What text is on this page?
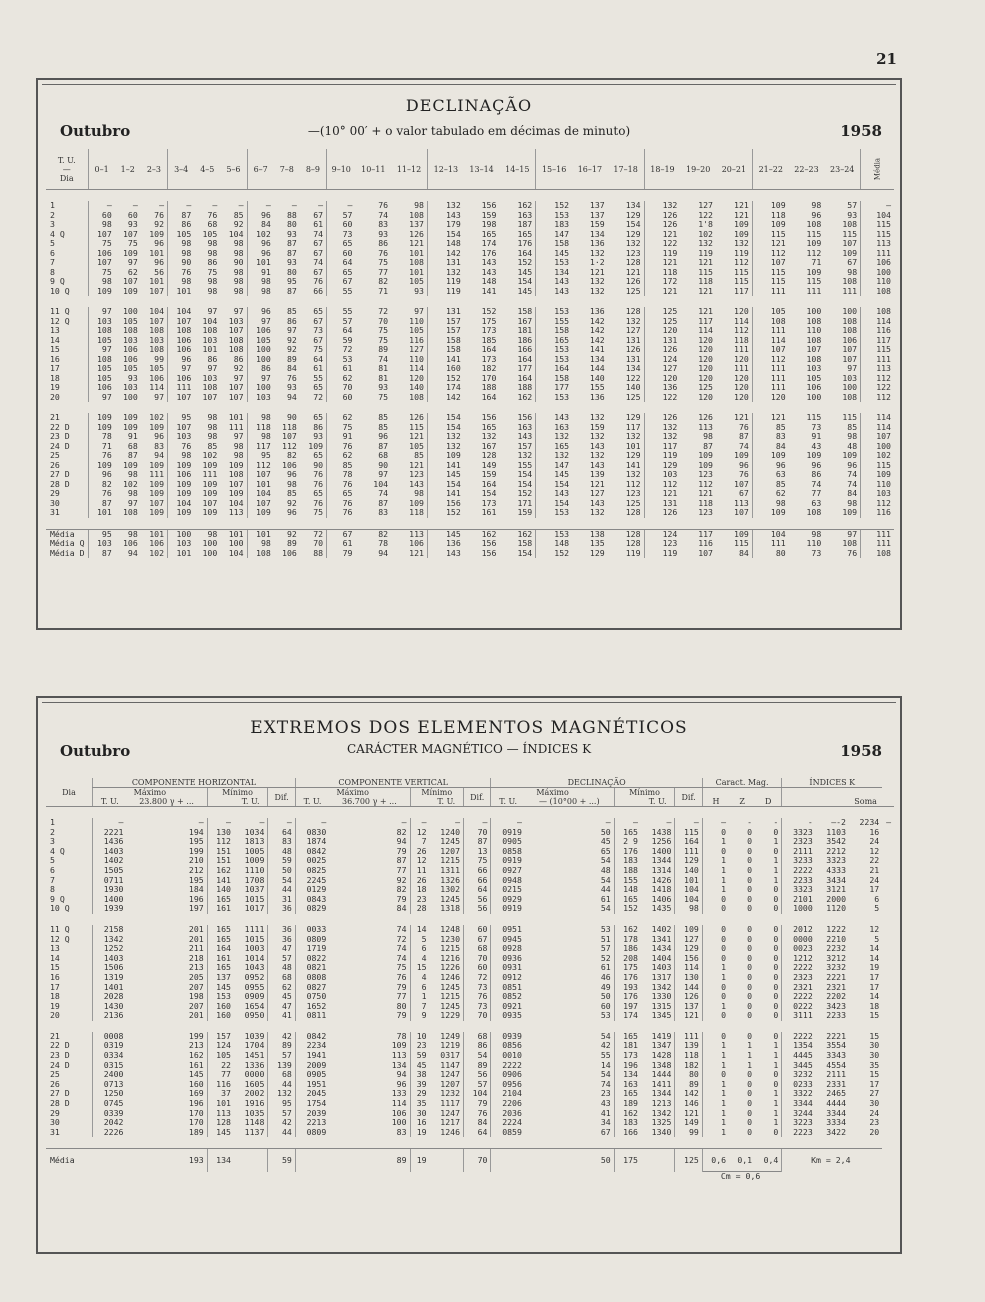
21
DECLINAÇÃO
Outubro	—(10° 00′ + o valor tabulado em décimas de minuto)	1958
T. U.
—
Dia	0–1	1–2	2–3	3–4	4–5	5–6	6–7	7–8	8–9	9–10	10–11	11–12	12–13	13–14	14–15	15–16	16–17	17–18	18–19	19–20	20–21	21–22	22–23	23–24	Média

1	—	—	—	—	—	—	—	—	—	—	76	98	132	156	162	152	137	134	132	127	121	109	98	57	—
2	60	60	76	87	76	85	96	88	67	57	74	108	143	159	163	153	137	129	126	122	121	118	96	93	104
3	98	93	92	86	68	92	84	80	61	60	83	137	179	198	187	183	159	154	126	1'8	109	109	108	108	115
4 Q	107	107	109	105	105	104	102	93	74	73	93	126	154	165	165	147	134	129	121	102	109	115	115	115	115
5	75	75	96	98	98	98	96	87	67	65	86	121	148	174	176	158	136	132	122	132	132	121	109	107	113
6	106	109	101	98	98	98	96	87	67	60	76	101	142	176	164	145	132	123	119	119	119	112	112	109	111
7	107	97	96	90	86	90	101	93	74	64	75	108	131	143	152	153	1·2	128	121	121	112	107	71	67	106
8	75	62	56	76	75	98	91	80	67	65	77	101	132	143	145	134	121	121	118	115	115	115	109	98	100
9 Q	98	107	101	98	98	98	98	95	76	67	82	105	119	148	154	143	132	126	172	118	115	115	115	108	110
10 Q	109	109	107	101	98	98	98	87	66	55	71	93	119	141	145	143	132	125	121	121	117	111	111	111	108

11 Q	97	100	104	104	97	97	96	85	65	55	72	97	131	152	158	153	136	128	125	121	120	105	100	100	108
12 Q	103	105	107	107	104	103	97	86	67	57	70	110	157	175	167	155	142	132	125	117	114	108	108	108	114
13	108	108	108	108	108	107	106	97	73	64	75	105	157	173	181	158	142	127	120	114	112	111	110	108	116
14	105	103	103	106	103	108	105	92	67	59	75	116	158	185	186	165	142	131	131	120	118	114	108	106	117
15	97	106	108	106	101	108	100	92	75	72	89	127	158	164	166	153	141	126	126	120	111	107	107	107	115
16	108	106	99	96	86	86	100	89	64	53	74	110	141	173	164	153	134	131	124	120	120	112	108	107	111
17	105	105	105	97	97	92	86	84	61	61	81	114	160	182	177	164	144	134	127	120	111	111	103	97	113
18	105	93	106	106	103	97	97	76	55	62	81	120	152	170	164	158	140	122	120	120	120	111	105	103	112
19	106	103	114	111	108	107	100	93	65	70	93	140	174	188	188	177	155	140	136	125	120	111	106	100	122
20	97	100	97	107	107	107	103	94	72	60	75	108	142	164	162	153	136	125	122	120	120	120	100	108	112

21	109	109	102	95	98	101	98	90	65	62	85	126	154	156	156	143	132	129	126	126	121	121	115	115	114
22 D	109	109	109	107	98	111	118	118	86	75	85	115	154	165	163	163	159	117	132	113	76	85	73	85	114
23 D	78	91	96	103	98	97	98	107	93	91	96	121	132	132	143	132	132	132	132	98	87	83	91	98	107
24 D	71	68	83	76	85	98	117	112	109	76	87	105	132	167	157	165	143	101	117	87	74	84	43	48	100
25	76	87	94	98	102	98	95	82	65	62	68	85	109	128	132	132	132	129	119	109	109	109	109	109	102
26	109	109	109	109	109	109	112	106	90	85	90	121	141	149	155	147	143	141	129	109	96	96	96	96	115
27 D	96	98	111	106	111	108	107	96	76	78	97	123	145	159	154	145	139	132	103	123	76	63	86	74	109
28 D	82	102	109	109	109	107	101	98	76	76	104	143	154	164	154	154	121	112	112	112	107	85	74	74	110
29	76	98	109	109	109	109	104	85	65	65	74	98	141	154	152	143	127	123	121	121	67	62	77	84	103
30	87	97	107	104	107	104	107	92	76	76	87	109	156	173	171	154	143	125	131	118	113	98	63	98	112
31	101	108	109	109	109	113	109	96	75	76	83	118	152	161	159	153	132	128	126	123	107	109	108	109	116

Média	95	98	101	100	98	101	101	92	72	67	82	113	145	162	162	153	138	128	124	117	109	104	98	97	111
Média Q	103	106	106	103	100	100	98	89	70	61	78	106	136	156	158	148	135	128	123	116	115	111	110	108	111
Média D	87	94	102	101	100	104	108	106	88	79	94	121	143	156	154	152	129	119	119	107	84	80	73	76	108
EXTREMOS DOS ELEMENTOS MAGNÉTICOS
CARÁCTER MAGNÉTICO — ÍNDICES K
Outubro	1958
Dia	COMPONENTE HORIZONTAL					COMPONENTE VERTICAL					DECLINAÇÃO					Caract. Mag.			ÍNDICES K			
	Máximo		Mínimo		Dif.	Máximo		Mínimo		Dif.	Máximo		Mínimo		Dif.							
	T. U.	23.800 γ + ...		T. U.		T. U.	36.700 γ + ...		T. U.		T. U.	— (10°00 + ...)		T. U.		H	Z	D			Soma	

1	—	—	—	—	—	—	—	—	—	—	—	—	—	—	—	—	-	-	-	—-2	2234	—
2	2221	194	130	1034	64	0830	82	12	1240	70	0919	50	165	1438	115	0	0	0	3323	1103	16	
3	1436	195	112	1813	83	1874	94	7	1245	87	0905	45	2 9	1256	164	1	0	1	2323	3542	24	
4 Q	1403	199	151	1005	48	0842	79	26	1207	13	0858	65	176	1400	111	0	0	0	2111	2212	12	
5	1402	210	151	1009	59	0025	87	12	1215	75	0919	54	183	1344	129	1	0	1	3233	3323	22	
6	1505	212	162	1110	50	0825	77	11	1311	66	0927	48	188	1314	140	1	0	1	2222	4333	21	
7	0711	195	141	1708	54	2245	92	26	1326	66	0948	54	155	1426	101	1	0	1	2233	3434	24	
8	1930	184	140	1037	44	0129	82	18	1302	64	0215	44	148	1418	104	1	0	0	3323	3121	17	
9 Q	1400	196	165	1015	31	0843	79	23	1245	56	0929	61	165	1406	104	0	0	0	2101	2000	6	
10 Q	1939	197	161	1017	36	0829	84	28	1318	56	0919	54	152	1435	98	0	0	0	1000	1120	5	

11 Q	2158	201	165	1111	36	0033	74	14	1248	60	0951	53	162	1402	109	0	0	0	2012	1222	12	
12 Q	1342	201	165	1015	36	0809	72	5	1230	67	0945	51	178	1341	127	0	0	0	0000	2210	5	
13	1252	211	164	1003	47	1719	74	6	1215	68	0928	57	186	1434	129	0	0	0	0023	2232	14	
14	1403	218	161	1014	57	0822	74	4	1216	70	0936	52	208	1404	156	0	0	0	1212	3212	14	
15	1506	213	165	1043	48	0821	75	15	1226	60	0931	61	175	1403	114	1	0	0	2222	3232	19	
16	1319	205	137	0952	68	0808	76	4	1246	72	0912	46	176	1317	130	1	0	0	2323	2221	17	
17	1401	207	145	0955	62	0827	79	6	1245	73	0851	49	193	1342	144	0	0	0	2321	2321	17	
18	2028	198	153	0909	45	0750	77	1	1215	76	0852	50	176	1330	126	0	0	0	2222	2202	14	
19	1430	207	160	1654	47	1652	80	7	1245	73	0921	60	197	1315	137	1	0	0	0222	3423	18	
20	2136	201	160	0950	41	0811	79	9	1229	70	0935	53	174	1345	121	0	0	0	3111	2233	15	

21	0008	199	157	1039	42	0842	78	10	1249	68	0939	54	165	1419	111	0	0	0	2222	2221	15	
22 D	0319	213	124	1704	89	2234	109	23	1219	86	0856	42	181	1347	139	1	1	1	1354	3554	30	
23 D	0334	162	105	1451	57	1941	113	59	0317	54	0010	55	173	1428	118	1	1	1	4445	3343	30	
24 D	0315	161	22	1336	139	2009	134	45	1147	89	2222	14	196	1348	182	1	1	1	3445	4554	35	
25	2400	145	77	0000	68	0905	94	38	1247	56	0906	54	134	1444	80	0	0	0	3232	2111	15	
26	0713	160	116	1605	44	1951	96	39	1207	57	0956	74	163	1411	89	1	0	0	0233	2331	17	
27 D	1250	169	37	2002	132	2045	133	29	1232	104	2104	23	165	1344	142	1	0	1	3322	2465	27	
28 D	0745	196	101	1916	95	1754	114	35	1117	79	2206	43	189	1213	146	1	0	1	3344	4444	30	
29	0339	170	113	1035	57	2039	106	30	1247	76	2036	41	162	1342	121	1	0	1	3244	3344	24	
30	2042	170	128	1148	42	2213	100	16	1217	84	2224	34	183	1325	149	1	0	1	3223	3334	23	
31	2226	189	145	1137	44	0809	83	19	1246	64	0859	67	166	1340	99	1	0	0	2223	3422	20	

Média		193	134		59		89	19		70		50	175		125	0,6	0,1	0,4	Km = 2,4			
																Cm = 0,6						
